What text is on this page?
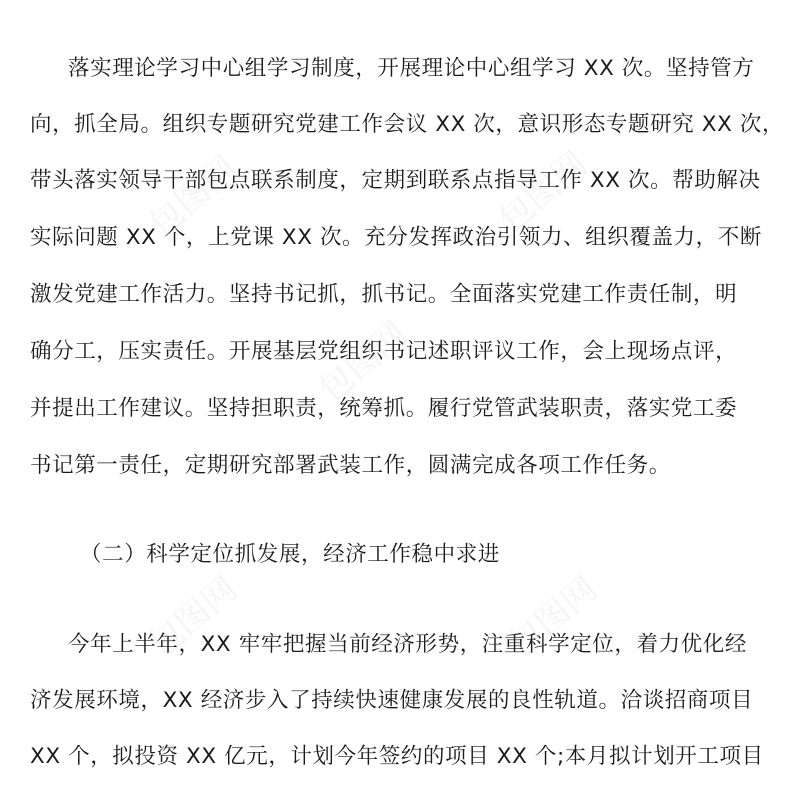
落实理论学习中心组学习制度，开展理论中心组学习 XX 次。坚持管方
向，抓全局。组织专题研究党建工作会议 XX 次，意识形态专题研究 XX 次，
带头落实领导干部包点联系制度，定期到联系点指导工作 XX 次。帮助解决
实际问题 XX 个，上党课 XX 次。充分发挥政治引领力、组织覆盖力，不断
激发党建工作活力。坚持书记抓，抓书记。全面落实党建工作责任制，明
确分工，压实责任。开展基层党组织书记述职评议工作，会上现场点评，
并提出工作建议。坚持担职责，统筹抓。履行党管武装职责，落实党工委
书记第一责任，定期研究部署武装工作，圆满完成各项工作任务。
（二）科学定位抓发展，经济工作稳中求进
今年上半年，XX 牢牢把握当前经济形势，注重科学定位，着力优化经
济发展环境，XX 经济步入了持续快速健康发展的良性轨道。洽谈招商项目
XX 个，拟投资 XX 亿元，计划今年签约的项目 XX 个;本月拟计划开工项目
包图网	包图网
包图网
包图网	包图网
